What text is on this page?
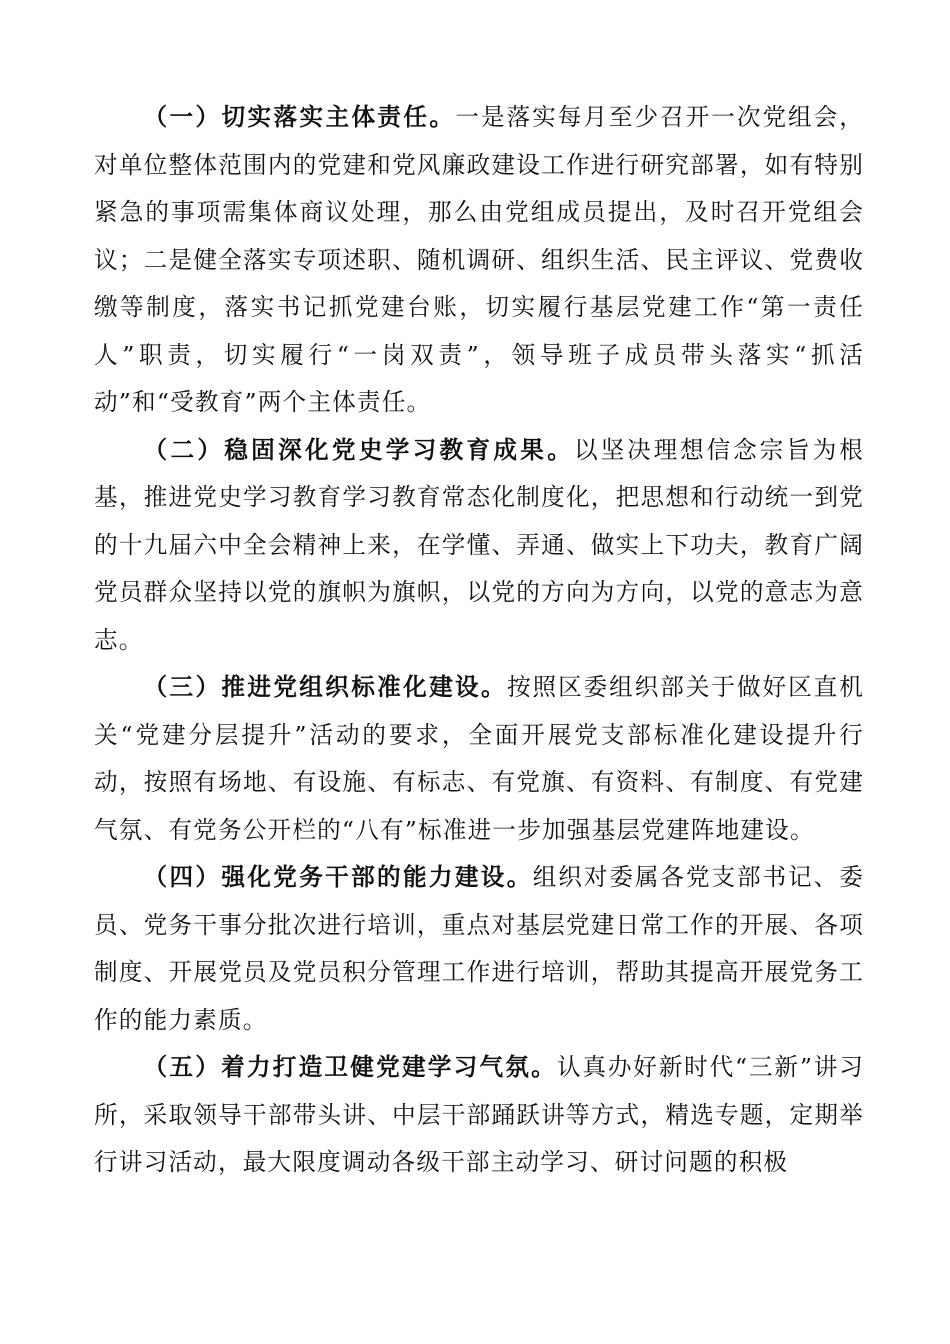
（一）切实落实主体责任。一是落实每月至少召开一次党组会，对单位整体范围内的党建和党风廉政建设工作进行研究部署，如有特别紧急的事项需集体商议处理，那么由党组成员提出，及时召开党组会议；二是健全落实专项述职、随机调研、组织生活、民主评议、党费收缴等制度，落实书记抓党建台账，切实履行基层党建工作“第一责任人”职责，切实履行“一岗双责”，领导班子成员带头落实“抓活动”和“受教育”两个主体责任。

（二）稳固深化党史学习教育成果。以坚决理想信念宗旨为根基，推进党史学习教育学习教育常态化制度化，把思想和行动统一到党的十九届六中全会精神上来，在学懂、弄通、做实上下功夫，教育广阔党员群众坚持以党的旗帜为旗帜，以党的方向为方向，以党的意志为意志。

（三）推进党组织标准化建设。按照区委组织部关于做好区直机关“党建分层提升”活动的要求，全面开展党支部标准化建设提升行动，按照有场地、有设施、有标志、有党旗、有资料、有制度、有党建气氛、有党务公开栏的“八有”标准进一步加强基层党建阵地建设。

（四）强化党务干部的能力建设。组织对委属各党支部书记、委员、党务干事分批次进行培训，重点对基层党建日常工作的开展、各项制度、开展党员及党员积分管理工作进行培训，帮助其提高开展党务工作的能力素质。

（五）着力打造卫健党建学习气氛。认真办好新时代“三新”讲习所，采取领导干部带头讲、中层干部踊跃讲等方式，精选专题，定期举行讲习活动，最大限度调动各级干部主动学习、研讨问题的积极
